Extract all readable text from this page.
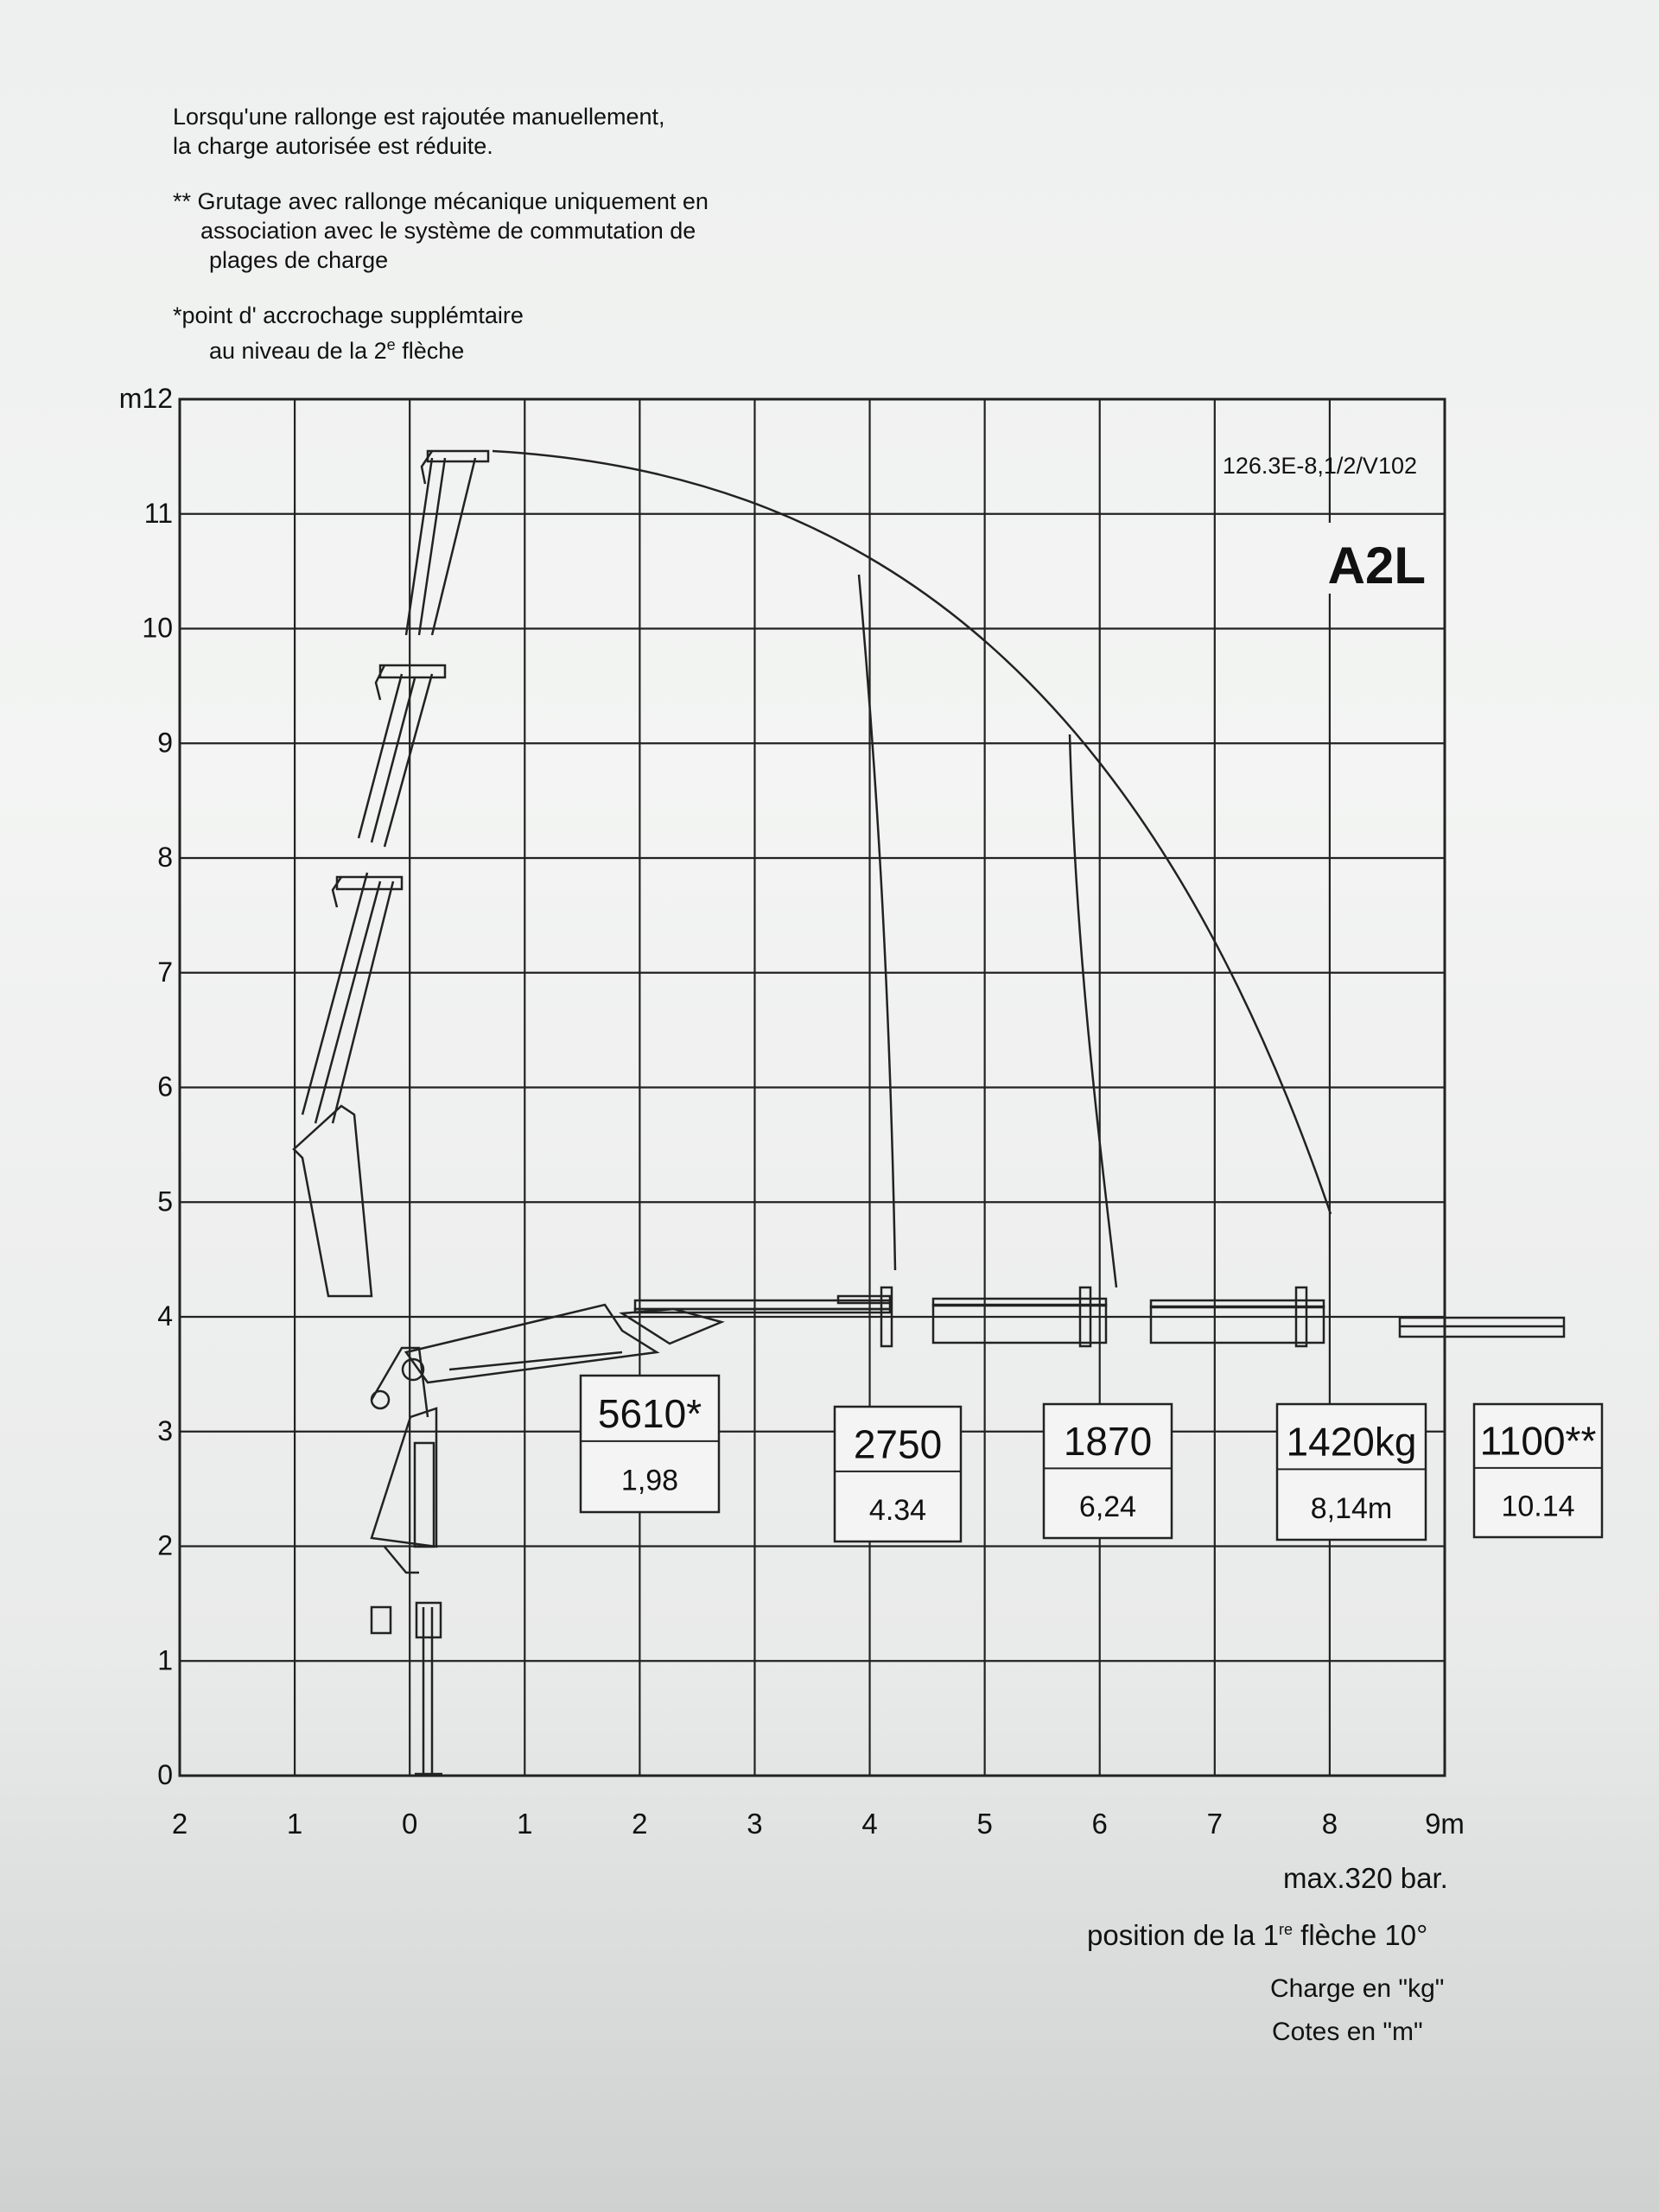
Lorsqu'une rallonge est rajoutée manuellement,
la charge autorisée est réduite.
** Grutage avec rallonge mécanique uniquement en
association avec le système de commutation de
plages de charge
*point d' accrochage supplémtaire
au niveau de la 2e flèche
0
1
2
3
4
5
6
7
8
9
10
11
m12
2	1	0	1	2	3	4	5	6	7	8	9m
126.3E-8,1/2/V102
A2L
5610*
1,98
2750
4.34
1870
6,24
1420kg
8,14m
1100**
10.14
max.320 bar.
position de la 1re flèche 10°
Charge en "kg"
Cotes en "m"
